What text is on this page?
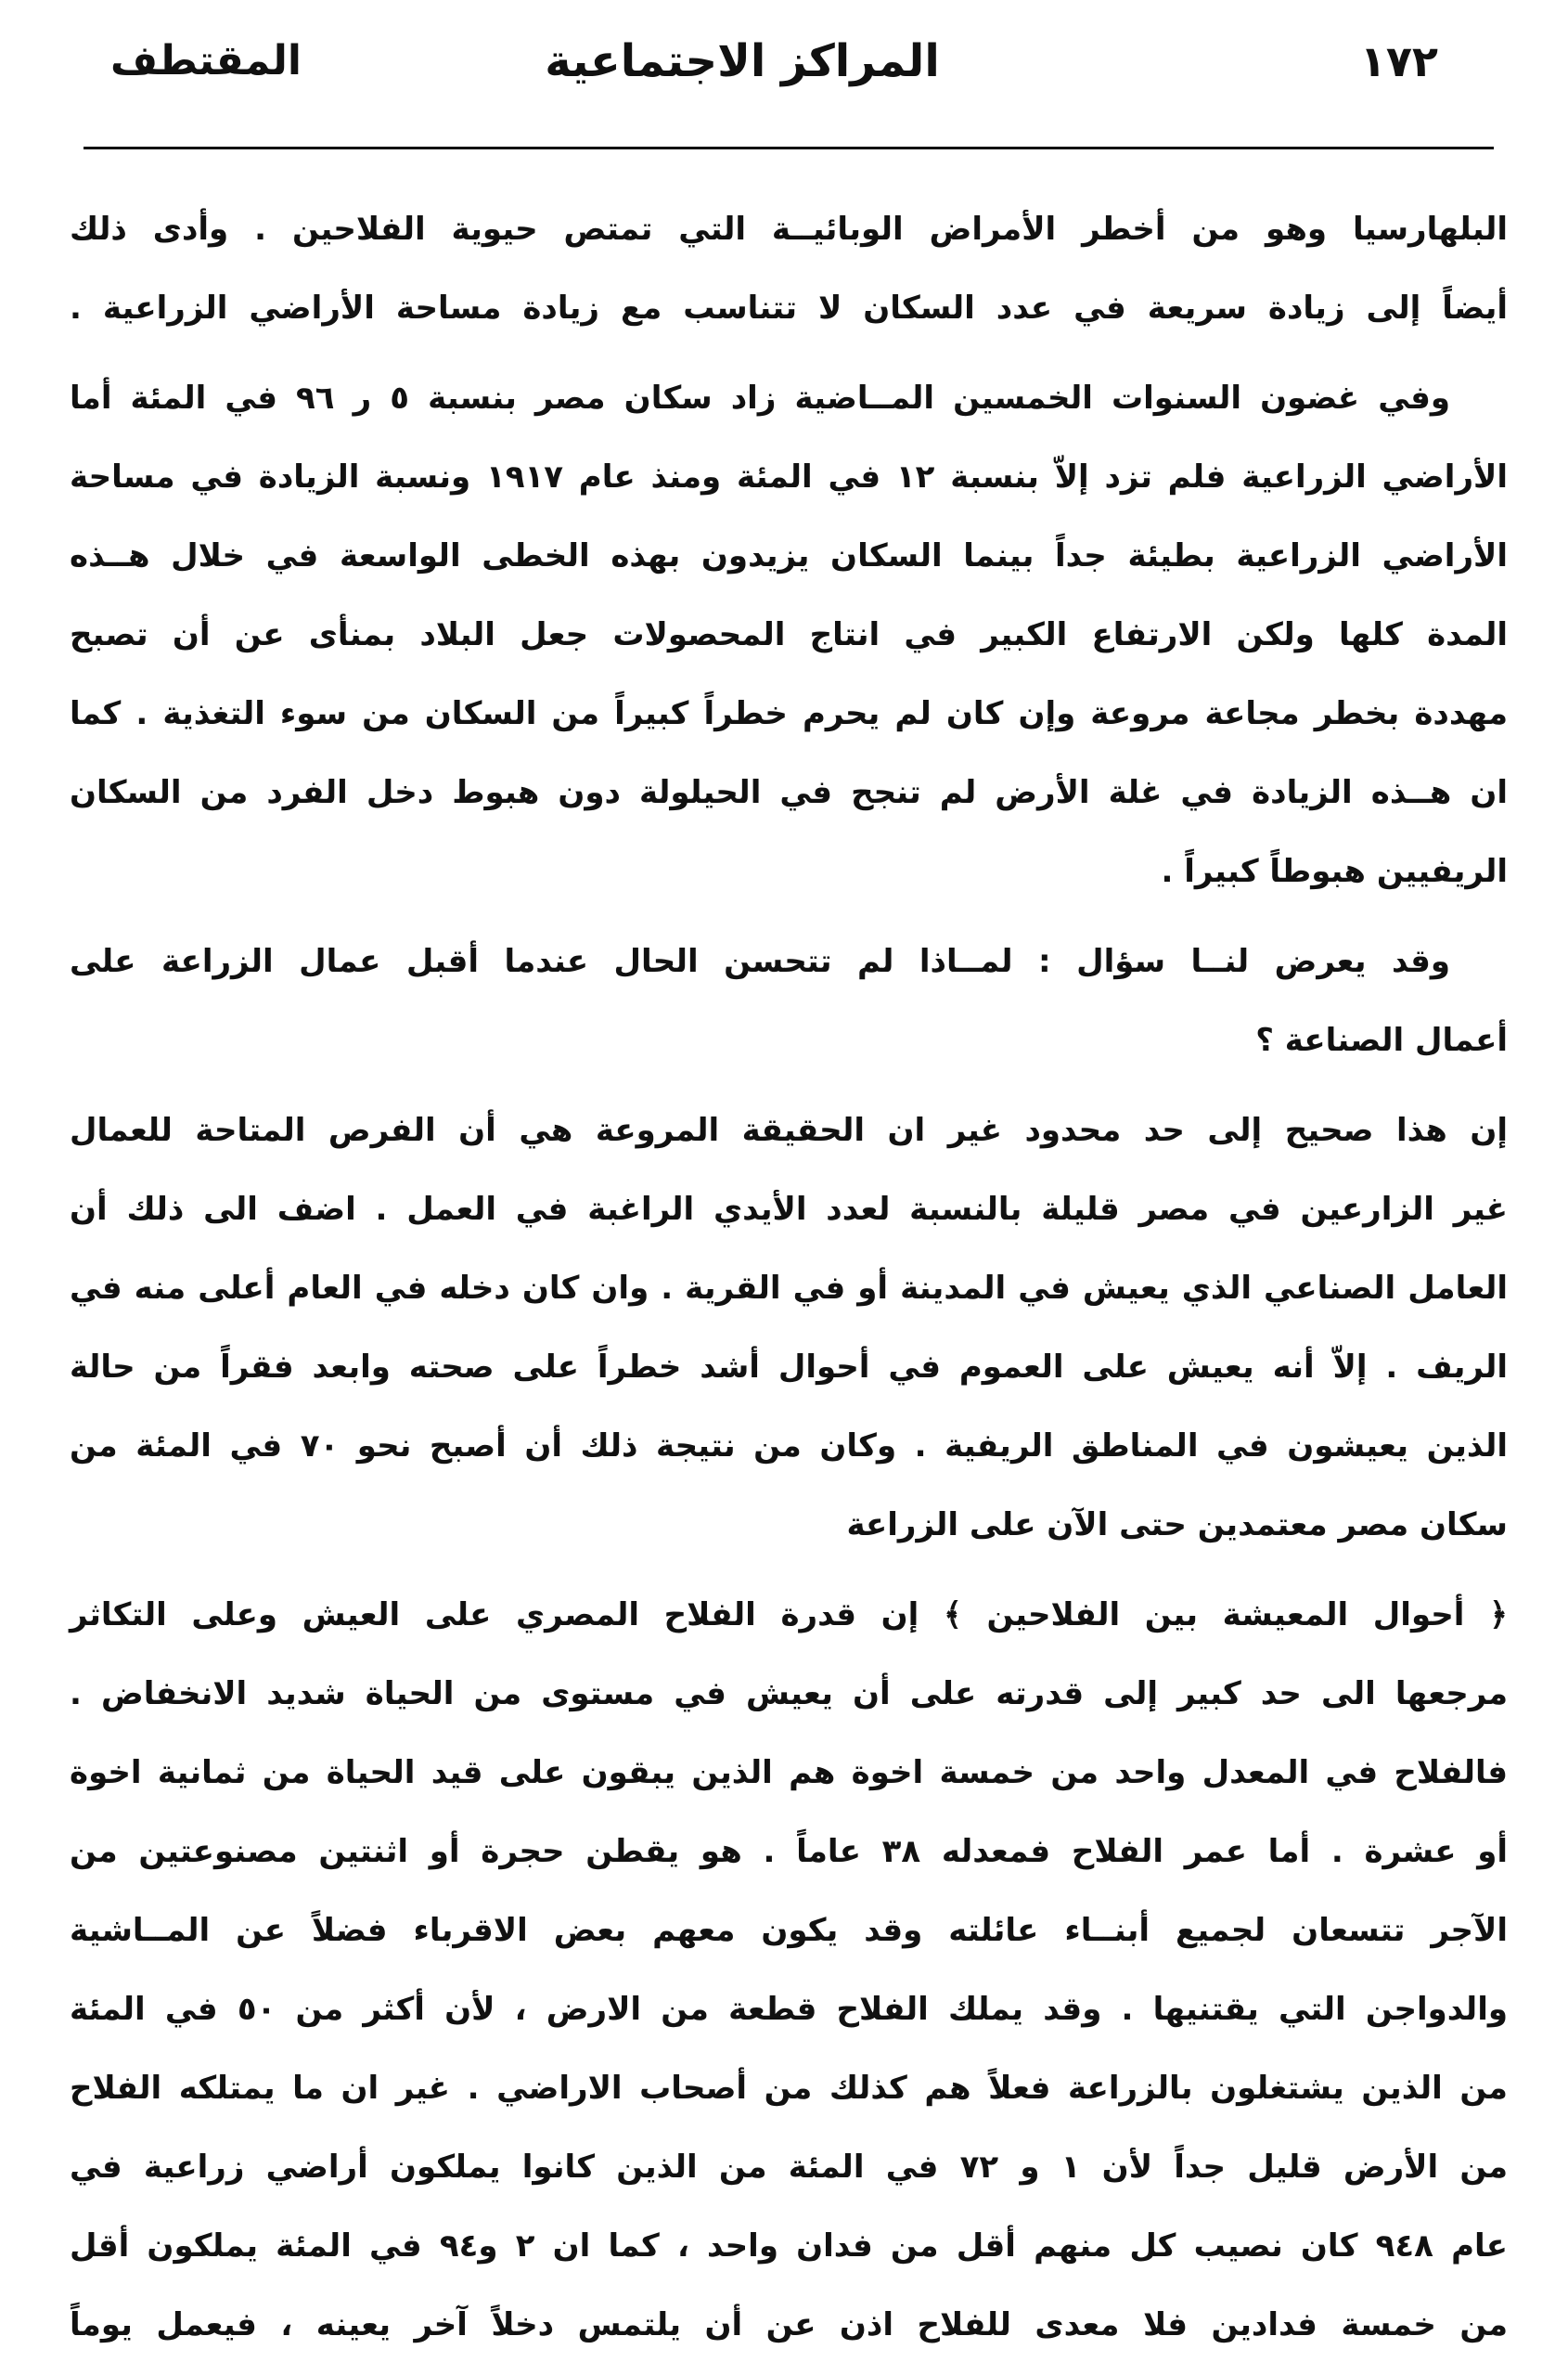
١٧٢
المراكز الاجتماعية
المقتطف
البلهارسيا وهو من أخطر الأمراض الوبائيــة التي تمتص حيوية الفلاحين . وأدى ذلك
أيضاً إلى زيادة سريعة في عدد السكان لا تتناسب مع زيادة مساحة الأراضي الزراعية .
وفي غضون السنوات الخمسين المــاضية زاد سكان مصر بنسبة ٥ ر ٩٦ في المئة أما
الأراضي الزراعية فلم تزد إلاّ بنسبة ١٢ في المئة ومنذ عام ١٩١٧ ونسبة الزيادة في مساحة
الأراضي الزراعية بطيئة جداً بينما السكان يزيدون بهذه الخطى الواسعة في خلال هــذه
المدة كلها ولكن الارتفاع الكبير في انتاج المحصولات جعل البلاد بمنأى عن أن تصبح
مهددة بخطر مجاعة مروعة وإن كان لم يحرم خطراً كبيراً من السكان من سوء التغذية . كما
ان هــذه الزيادة في غلة الأرض لم تنجح في الحيلولة دون هبوط دخل الفرد من السكان
الريفيين هبوطاً كبيراً .
وقد يعرض لنــا سؤال : لمــاذا لم تتحسن الحال عندما أقبل عمال الزراعة على
أعمال الصناعة ؟
إن هذا صحيح إلى حد محدود غير ان الحقيقة المروعة هي أن الفرص المتاحة للعمال
غير الزارعين في مصر قليلة بالنسبة لعدد الأيدي الراغبة في العمل . اضف الى ذلك أن
العامل الصناعي الذي يعيش في المدينة أو في القرية . وان كان دخله في العام أعلى منه في
الريف . إلاّ أنه يعيش على العموم في أحوال أشد خطراً على صحته وابعد فقراً من حالة
الذين يعيشون في المناطق الريفية . وكان من نتيجة ذلك أن أصبح نحو ٧٠ في المئة من
سكان مصر معتمدين حتى الآن على الزراعة
﴿ أحوال المعيشة بين الفلاحين ﴾ إن قدرة الفلاح المصري على العيش وعلى التكاثر
مرجعها الى حد كبير إلى قدرته على أن يعيش في مستوى من الحياة شديد الانخفاض .
فالفلاح في المعدل واحد من خمسة اخوة هم الذين يبقون على قيد الحياة من ثمانية اخوة
أو عشرة . أما عمر الفلاح فمعدله ٣٨ عاماً . هو يقطن حجرة أو اثنتين مصنوعتين من
الآجر تتسعان لجميع أبنــاء عائلته وقد يكون معهم بعض الاقرباء فضلاً عن المــاشية
والدواجن التي يقتنيها . وقد يملك الفلاح قطعة من الارض ، لأن أكثر من ٥٠ في المئة
من الذين يشتغلون بالزراعة فعلاً هم كذلك من أصحاب الاراضي . غير ان ما يمتلكه الفلاح
من الأرض قليل جداً لأن ١ و ٧٢ في المئة من الذين كانوا يملكون أراضي زراعية في
عام ٩٤٨ كان نصيب كل منهم أقل من فدان واحد ، كما ان ٢ و٩٤ في المئة يملكون أقل
من خمسة فدادين فلا معدى للفلاح اذن عن أن يلتمس دخلاً آخر يعينه ، فيعمل يوماً
